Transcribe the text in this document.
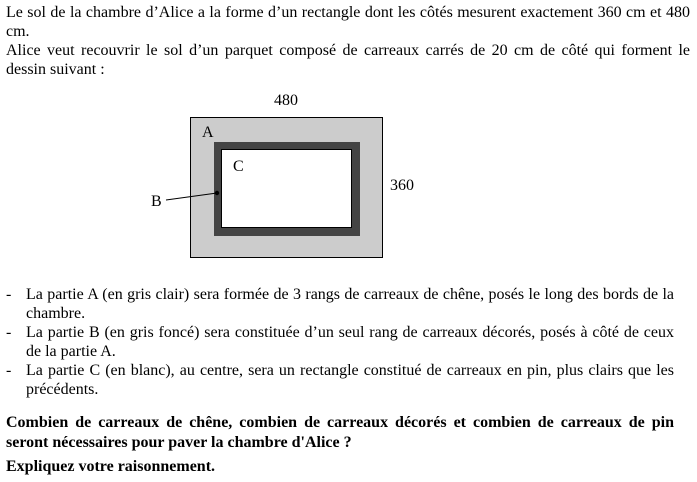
Le sol de la chambre d’Alice a la forme d’un rectangle dont les côtés mesurent exactement 360 cm et 480 cm.

Alice veut recouvrir le sol d’un parquet composé de carreaux carrés de 20 cm de côté qui forment le dessin suivant :

480
360
A
B
C
- La partie A (en gris clair) sera formée de 3 rangs de carreaux de chêne, posés le long des bords de la chambre.
- La partie B (en gris foncé) sera constituée d’un seul rang de carreaux décorés, posés à côté de ceux de la partie A.
- La partie C (en blanc), au centre, sera un rectangle constitué de carreaux en pin, plus clairs que les précédents.

Combien de carreaux de chêne, combien de carreaux décorés et combien de carreaux de pin seront nécessaires pour paver la chambre d'Alice ?

Expliquez votre raisonnement.
